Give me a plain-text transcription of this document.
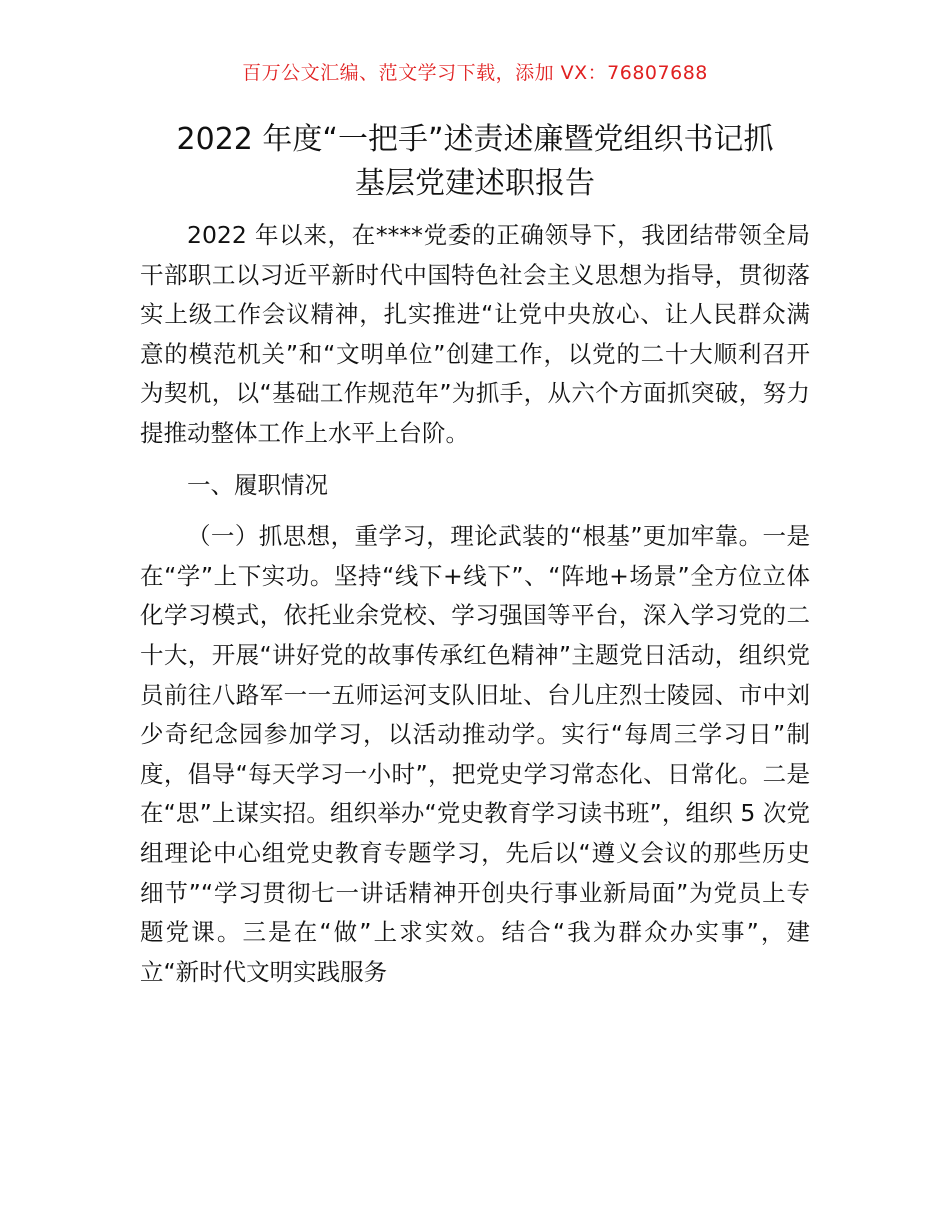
百万公文汇编、范文学习下载，添加 VX：76807688
2022 年度“一把手”述责述廉暨党组织书记抓
基层党建述职报告

2022 年以来，在****党委的正确领导下，我团结带领全局干部职工以习近平新时代中国特色社会主义思想为指导，贯彻落实上级工作会议精神，扎实推进“让党中央放心、让人民群众满意的模范机关”和“文明单位”创建工作，以党的二十大顺利召开为契机，以“基础工作规范年”为抓手，从六个方面抓突破，努力提推动整体工作上水平上台阶。

一、履职情况

（一）抓思想，重学习，理论武装的“根基”更加牢靠。一是在“学”上下实功。坚持“线下+线下”、“阵地+场景”全方位立体化学习模式，依托业余党校、学习强国等平台，深入学习党的二十大，开展“讲好党的故事传承红色精神”主题党日活动，组织党员前往八路军一一五师运河支队旧址、台儿庄烈士陵园、市中刘少奇纪念园参加学习，以活动推动学。实行“每周三学习日”制度，倡导“每天学习一小时”，把党史学习常态化、日常化。二是在“思”上谋实招。组织举办“党史教育学习读书班”，组织 5 次党组理论中心组党史教育专题学习，先后以“遵义会议的那些历史细节”“学习贯彻七一讲话精神开创央行事业新局面”为党员上专题党课。三是在“做”上求实效。结合“我为群众办实事”，建立“新时代文明实践服务
